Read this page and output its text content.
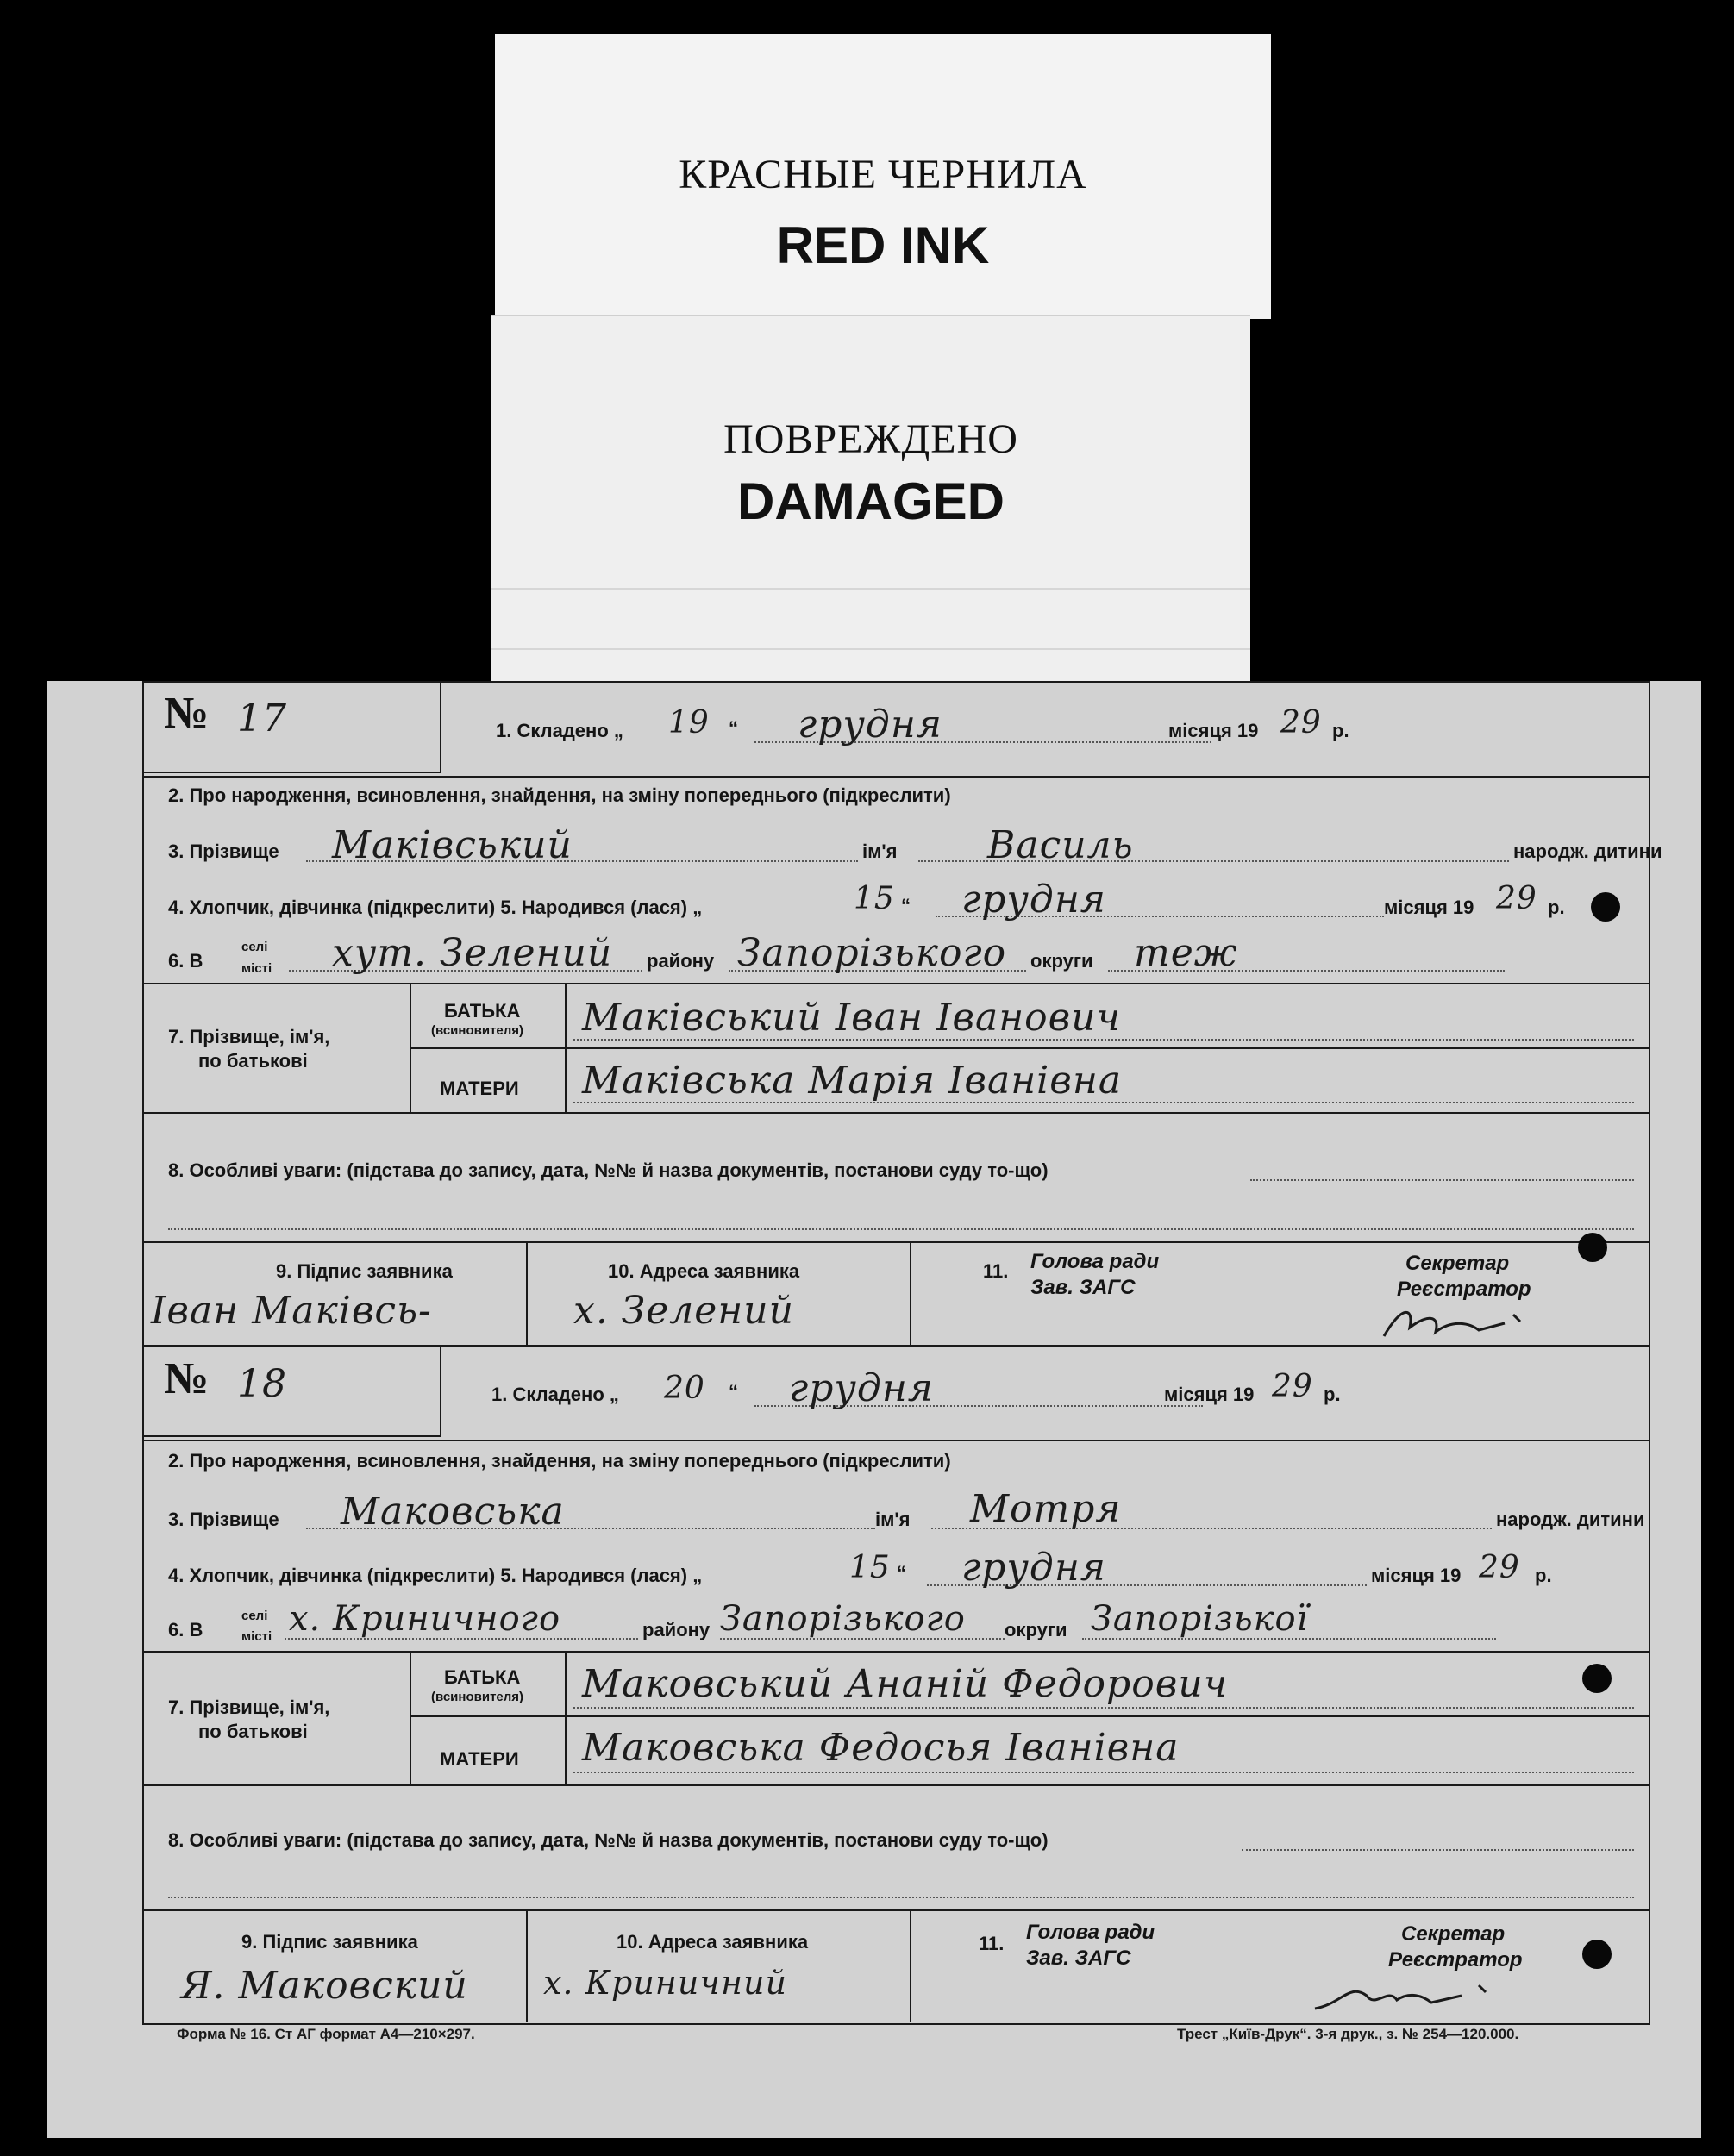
КРАСНЫЕ ЧЕРНИЛА
RED INK
ПОВРЕЖДЕНО
DAMAGED
№ 17	1. Складено „ 19 “ грудня	місяця 19 29 р.
2. Про народження, всиновлення, знайдення, на зміну попереднього (підкреслити)
3. Прізвище Маківський	ім'я Василь	народж. дитини
4. Хлопчик, дівчинка (підкреслити) 5. Народився (лася) „	15 “ грудня	місяця 19 29 р.
6. В
селі
місті хут. Зелений району Запорізького округи теж
7. Прізвище, ім'я,
по батькові
БАТЬКА
(всиновителя) Маківський Іван Іванович
МАТЕРИ Маківська Марія Іванівна
8. Особливі уваги: (підстава до запису, дата, №№ й назва документів, постанови суду то-що)
9. Підпис заявника
Іван Маківсь-
10. Адреса заявника
х. Зелений
11. Голова ради
Зав. ЗАГС
Секретар
Реєстратор
№ 18	1. Складено „ 20 “ грудня	місяця 19 29 р.
2. Про народження, всиновлення, знайдення, на зміну попереднього (підкреслити)
3. Прізвище Маковська	ім'я Мотря	народж. дитини
4. Хлопчик, дівчинка (підкреслити) 5. Народився (лася) „	15 “ грудня	місяця 19 29 р.
6. В
селі
місті х. Криничного	району Запорізького округи Запорізької
7. Прізвище, ім'я,
по батькові
БАТЬКА
(всиновителя) Маковський Ананій Федорович
МАТЕРИ Маковська Федосья Іванівна
8. Особливі уваги: (підстава до запису, дата, №№ й назва документів, постанови суду то-що)
9. Підпис заявника
Я. Маковский
10. Адреса заявника
х. Криничний
11. Голова ради
Зав. ЗАГС
Секретар
Реєстратор
Форма № 16. Ст АГ формат А4—210×297.	Трест „Київ-Друк“. 3-я друк., з. № 254—120.000.
